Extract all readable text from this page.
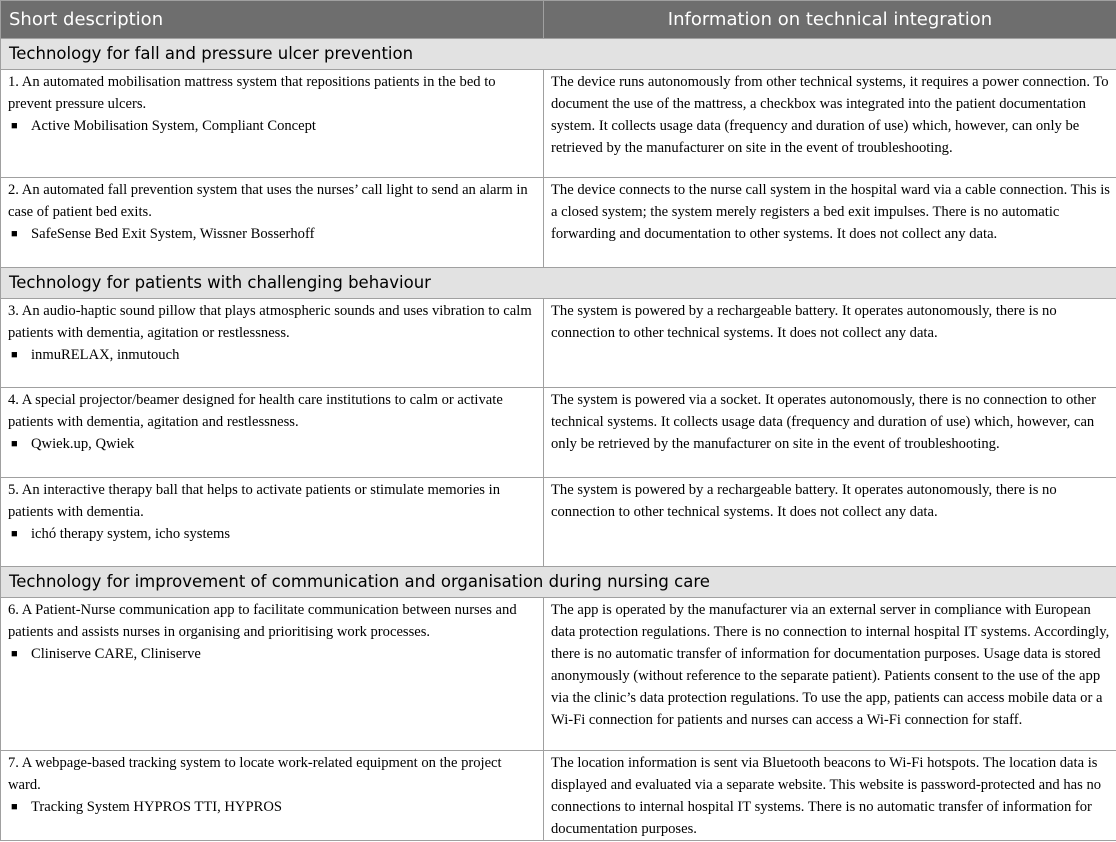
Short description	Information on technical integration
Technology for fall and pressure ulcer prevention	
1. An automated mobilisation mattress system that repositions patients in the bed to prevent pressure ulcers.
■ Active Mobilisation System, Compliant Concept	The device runs autonomously from other technical systems, it requires a power connection. To document the use of the mattress, a checkbox was integrated into the patient documentation system. It collects usage data (frequency and duration of use) which, however, can only be retrieved by the manufacturer on site in the event of troubleshooting.
2. An automated fall prevention system that uses the nurses’ call light to send an alarm in case of patient bed exits.
■ SafeSense Bed Exit System, Wissner Bosserhoff	The device connects to the nurse call system in the hospital ward via a cable connection. This is a closed system; the system merely registers a bed exit impulses. There is no automatic forwarding and documentation to other systems. It does not collect any data.
Technology for patients with challenging behaviour	
3. An audio-haptic sound pillow that plays atmospheric sounds and uses vibration to calm patients with dementia, agitation or restlessness.
■ inmuRELAX, inmutouch	The system is powered by a rechargeable battery. It operates autonomously, there is no connection to other technical systems. It does not collect any data.
4. A special projector/beamer designed for health care institutions to calm or activate patients with dementia, agitation and restlessness.
■ Qwiek.up, Qwiek	The system is powered via a socket. It operates autonomously, there is no connection to other technical systems. It collects usage data (frequency and duration of use) which, however, can only be retrieved by the manufacturer on site in the event of troubleshooting.
5. An interactive therapy ball that helps to activate patients or stimulate memories in patients with dementia.
■ ichó therapy system, icho systems	The system is powered by a rechargeable battery. It operates autonomously, there is no connection to other technical systems. It does not collect any data.
Technology for improvement of communication and organisation during nursing care	
6. A Patient-Nurse communication app to facilitate communication between nurses and patients and assists nurses in organising and prioritising work processes.
■ Cliniserve CARE, Cliniserve	The app is operated by the manufacturer via an external server in compliance with European data protection regulations. There is no connection to internal hospital IT systems. Accordingly, there is no automatic transfer of information for documentation purposes. Usage data is stored anonymously (without reference to the separate patient). Patients consent to the use of the app via the clinic’s data protection regulations. To use the app, patients can access mobile data or a Wi-Fi connection for patients and nurses can access a Wi-Fi connection for staff.
7. A webpage-based tracking system to locate work-related equipment on the project ward.
■ Tracking System HYPROS TTI, HYPROS	The location information is sent via Bluetooth beacons to Wi-Fi hotspots. The location data is displayed and evaluated via a separate website. This website is password-protected and has no connections to internal hospital IT systems. There is no automatic transfer of information for documentation purposes.
